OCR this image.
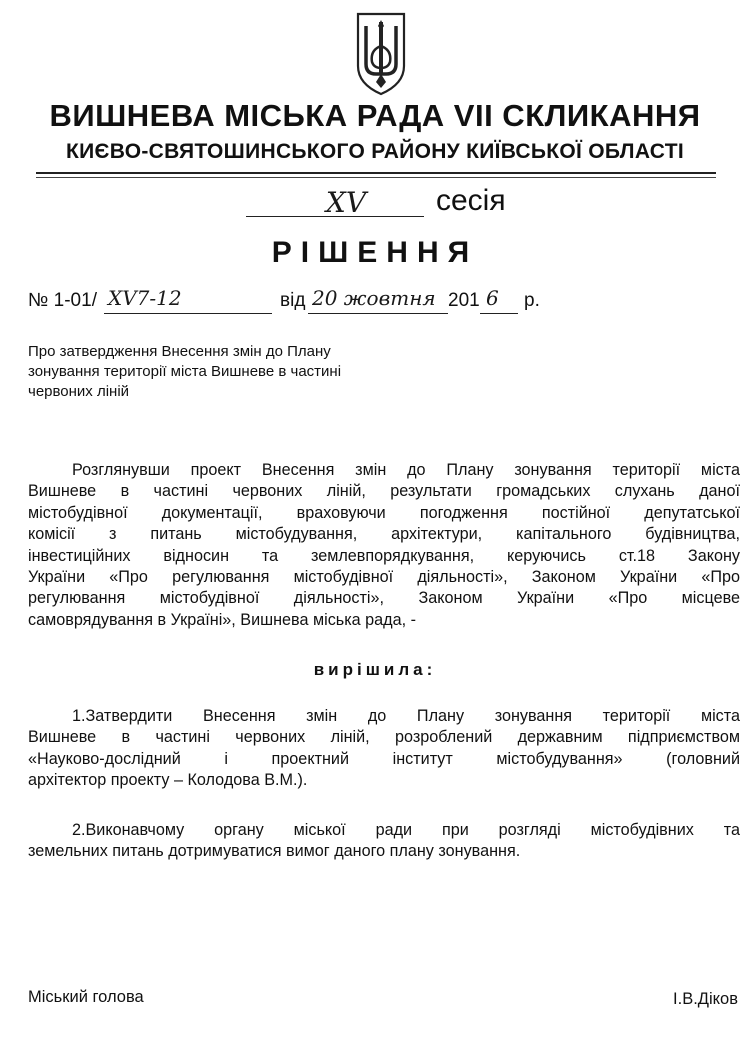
ВИШНЕВА МІСЬКА РАДА VII СКЛИКАННЯ
КИЄВО-СВЯТОШИНСЬКОГО РАЙОНУ КИЇВСЬКОЇ ОБЛАСТІ
XV	сесія
РІШЕННЯ
№ 1-01/ XV7-12	від 20 жовтня 201 6 р.
Про затвердження Внесення змін до Плану
зонування території міста Вишневе в частині
червоних ліній
Розглянувши проект Внесення змін до Плану зонування території міста
Вишневе в частині червоних ліній, результати громадських слухань даної
містобудівної документації, враховуючи погодження постійної депутатської
комісії з питань містобудування, архітектури, капітального будівництва,
інвестиційних відносин та землевпорядкування, керуючись ст.18 Закону
України «Про регулювання містобудівної діяльності», Законом України «Про
регулювання містобудівної діяльності», Законом України «Про місцеве
самоврядування в Україні», Вишнева міська рада, -
вирішила:
1.Затвердити Внесення змін до Плану зонування території міста
Вишневе в частині червоних ліній, розроблений державним підприємством
«Науково-дослідний і проектний інститут містобудування» (головний
архітектор проекту – Колодова В.М.).
2.Виконавчому органу міської ради при розгляді містобудівних та
земельних питань дотримуватися вимог даного плану зонування.
Міський голова	І.В.Діков
